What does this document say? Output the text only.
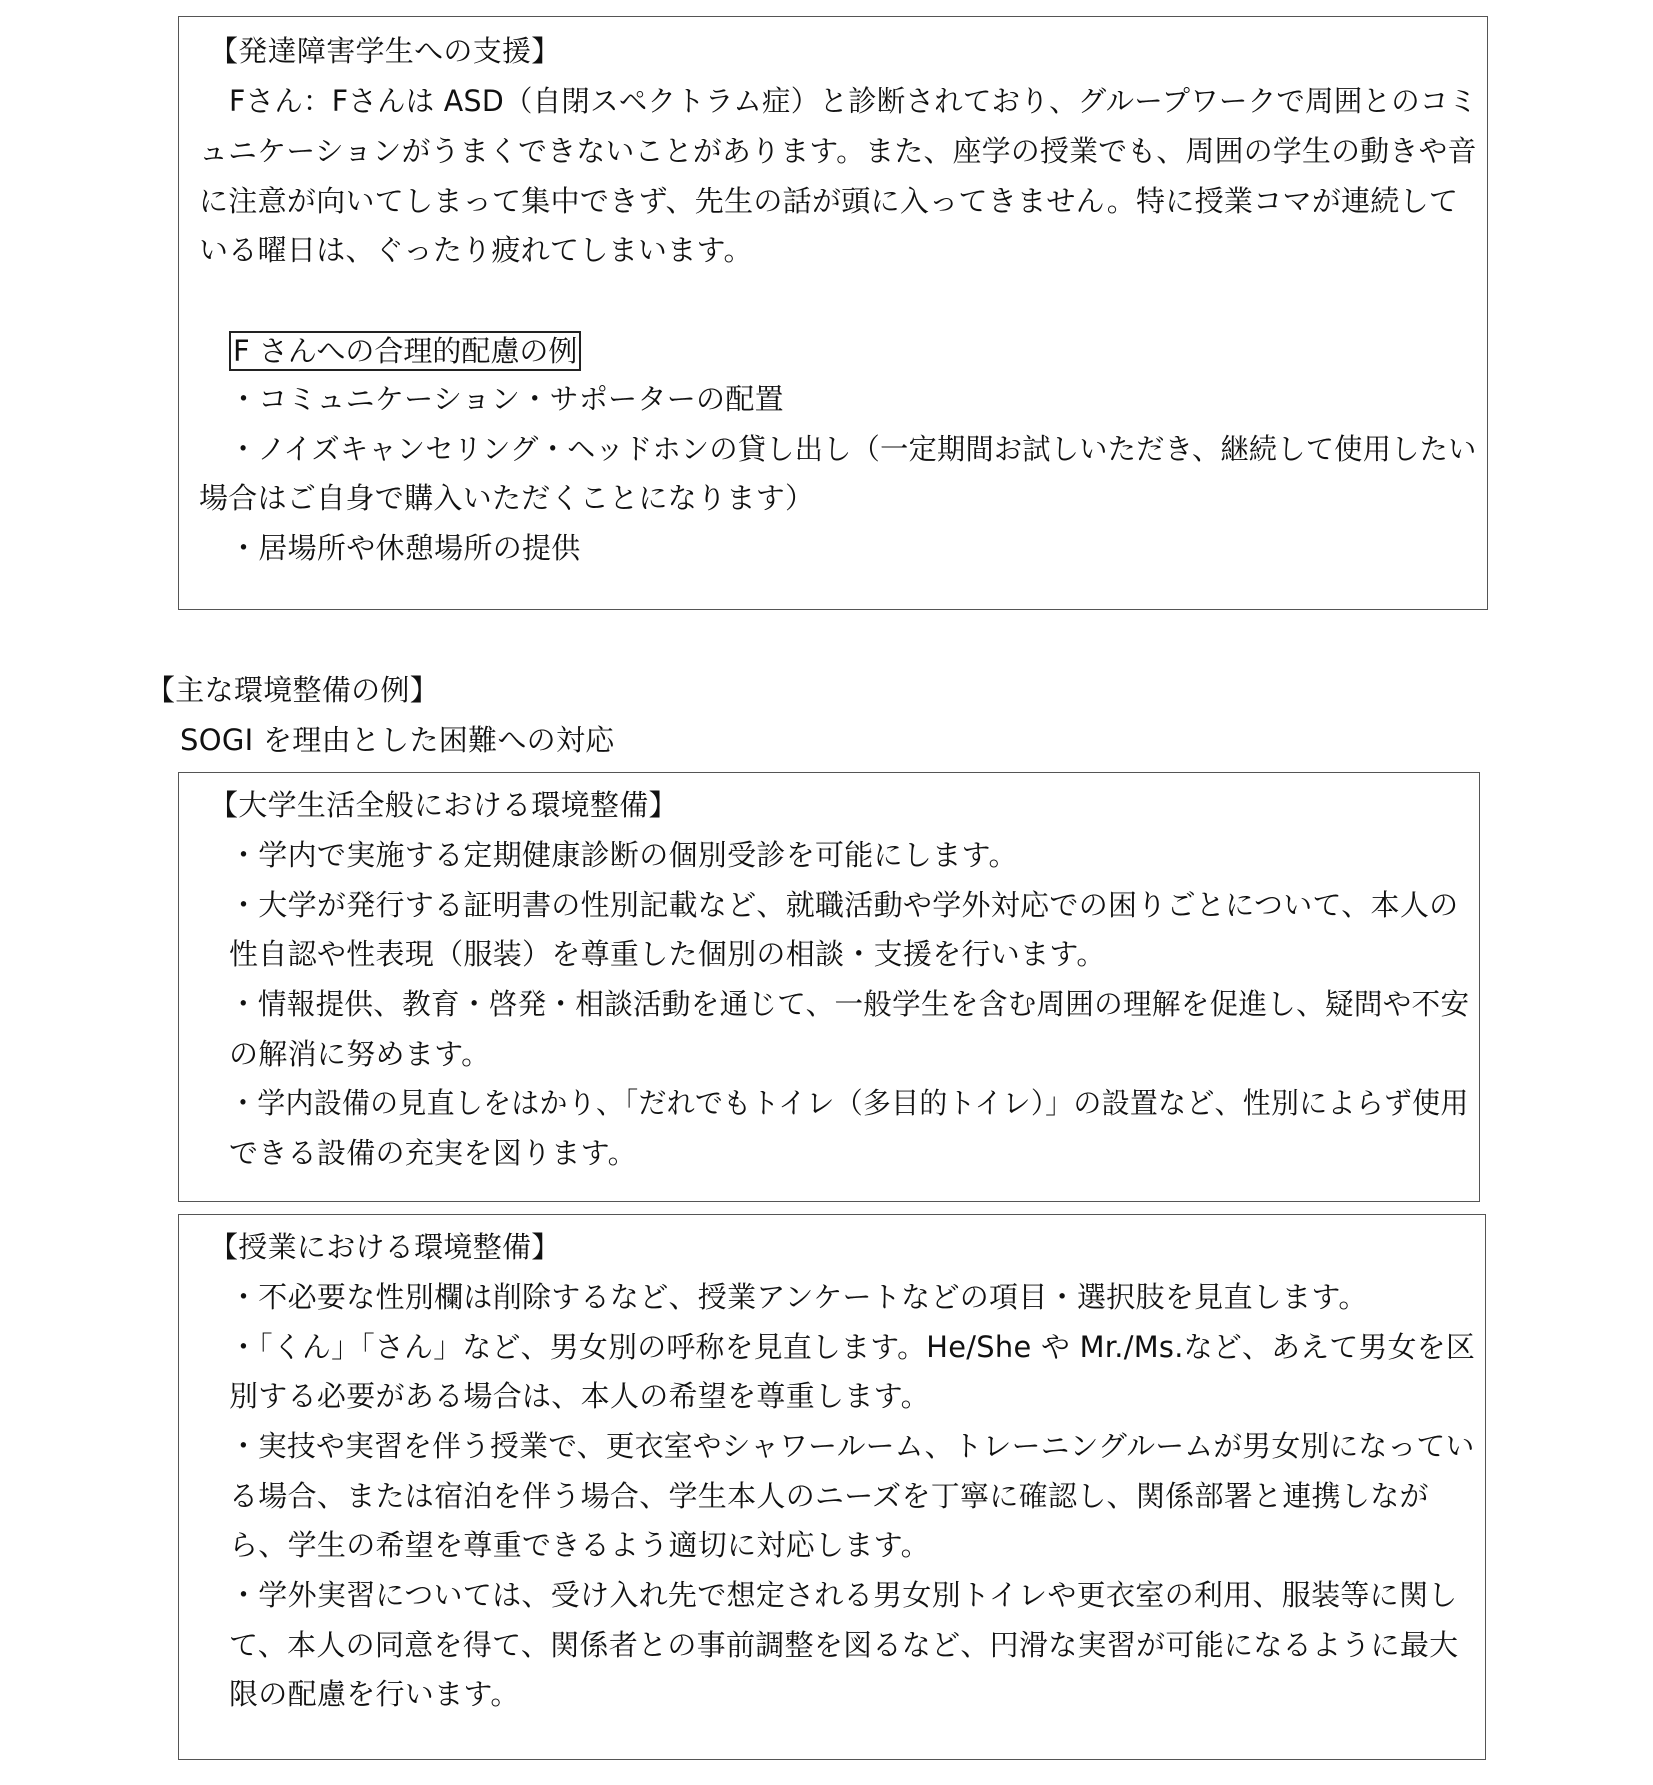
【発達障害学生への支援】
Fさん：Fさんは ASD（自閉スペクトラム症）と診断されており、グループワークで周囲とのコミ
ュニケーションがうまくできないことがあります。また、座学の授業でも、周囲の学生の動きや音
に注意が向いてしまって集中できず、先生の話が頭に入ってきません。特に授業コマが連続して
いる曜日は、ぐったり疲れてしまいます。
F さんへの合理的配慮の例
・コミュニケーション・サポーターの配置
・ノイズキャンセリング・ヘッドホンの貸し出し（一定期間お試しいただき、継続して使用したい
場合はご自身で購入いただくことになります）
・居場所や休憩場所の提供
【主な環境整備の例】
SOGI を理由とした困難への対応
【大学生活全般における環境整備】
・学内で実施する定期健康診断の個別受診を可能にします。
・大学が発行する証明書の性別記載など、就職活動や学外対応での困りごとについて、本人の
性自認や性表現（服装）を尊重した個別の相談・支援を行います。
・情報提供、教育・啓発・相談活動を通じて、一般学生を含む周囲の理解を促進し、疑問や不安
の解消に努めます。
・学内設備の見直しをはかり、「だれでもトイレ（多目的トイレ）」の設置など、性別によらず使用
できる設備の充実を図ります。
【授業における環境整備】
・不必要な性別欄は削除するなど、授業アンケートなどの項目・選択肢を見直します。
・「くん」「さん」など、男女別の呼称を見直します。He/She や Mr./Ms.など、あえて男女を区
別する必要がある場合は、本人の希望を尊重します。
・実技や実習を伴う授業で、更衣室やシャワールーム、トレーニングルームが男女別になってい
る場合、または宿泊を伴う場合、学生本人のニーズを丁寧に確認し、関係部署と連携しなが
ら、学生の希望を尊重できるよう適切に対応します。
・学外実習については、受け入れ先で想定される男女別トイレや更衣室の利用、服装等に関し
て、本人の同意を得て、関係者との事前調整を図るなど、円滑な実習が可能になるように最大
限の配慮を行います。
